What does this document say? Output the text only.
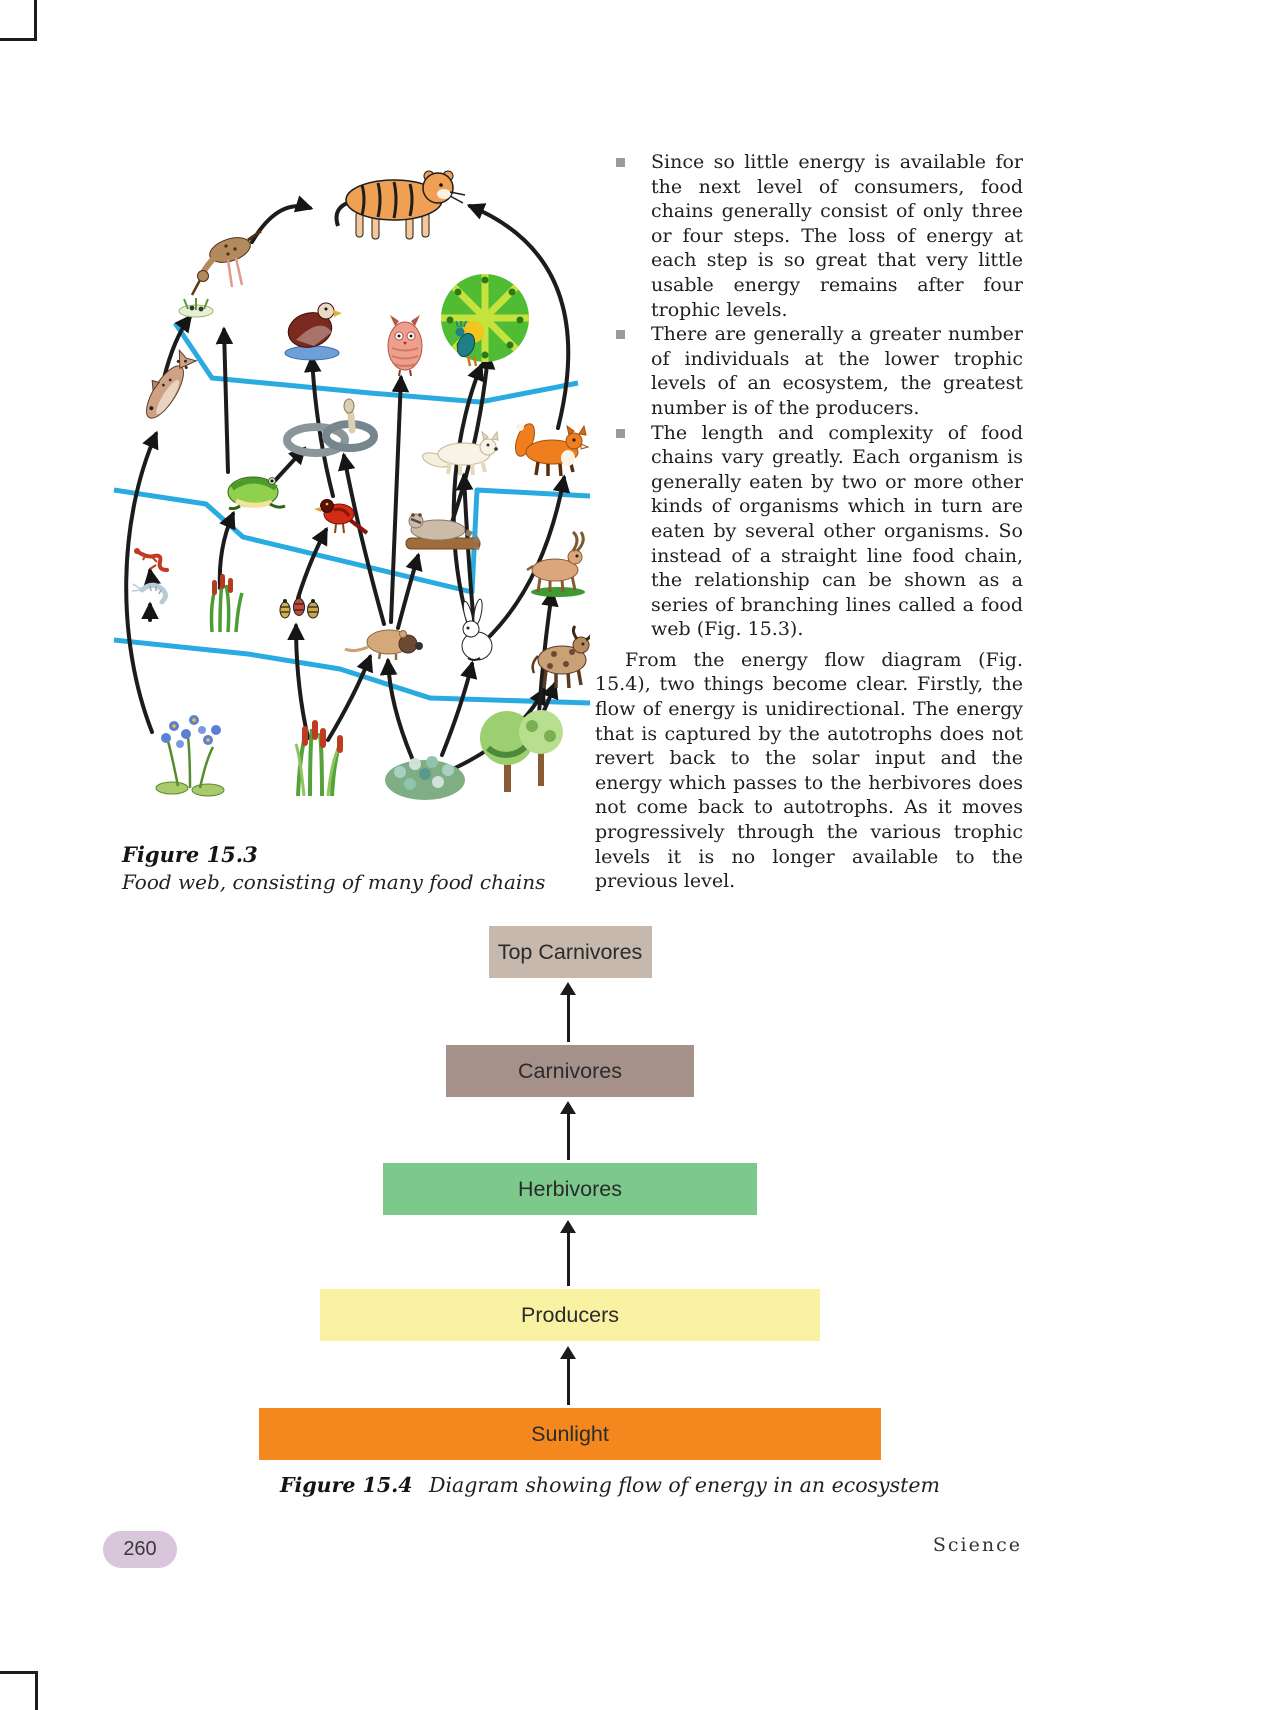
Figure 15.3
Food web, consisting of many food chains
Since so little energy is available for the next level of consumers, food chains generally consist of only three or four steps. The loss of energy at each step is so great that very little usable energy remains after four trophic levels.
There are generally a greater number of individuals at the lower trophic levels of an ecosystem, the greatest number is of the producers.
The length and complexity of food chains vary greatly. Each organism is generally eaten by two or more other kinds of organisms which in turn are eaten by several other organisms. So instead of a straight line food chain, the relationship can be shown as a series of branching lines called a food web (Fig. 15.3).

From the energy flow diagram (Fig. 15.4), two things become clear. Firstly, the flow of energy is unidirectional. The energy that is captured by the autotrophs does not revert back to the solar input and the energy which passes to the herbivores does not come back to autotrophs. As it moves progressively through the various trophic levels it is no longer available to the previous level.

Top Carnivores
Carnivores
Herbivores
Producers
Sunlight
Figure 15.4 Diagram showing flow of energy in an ecosystem
260	Science
